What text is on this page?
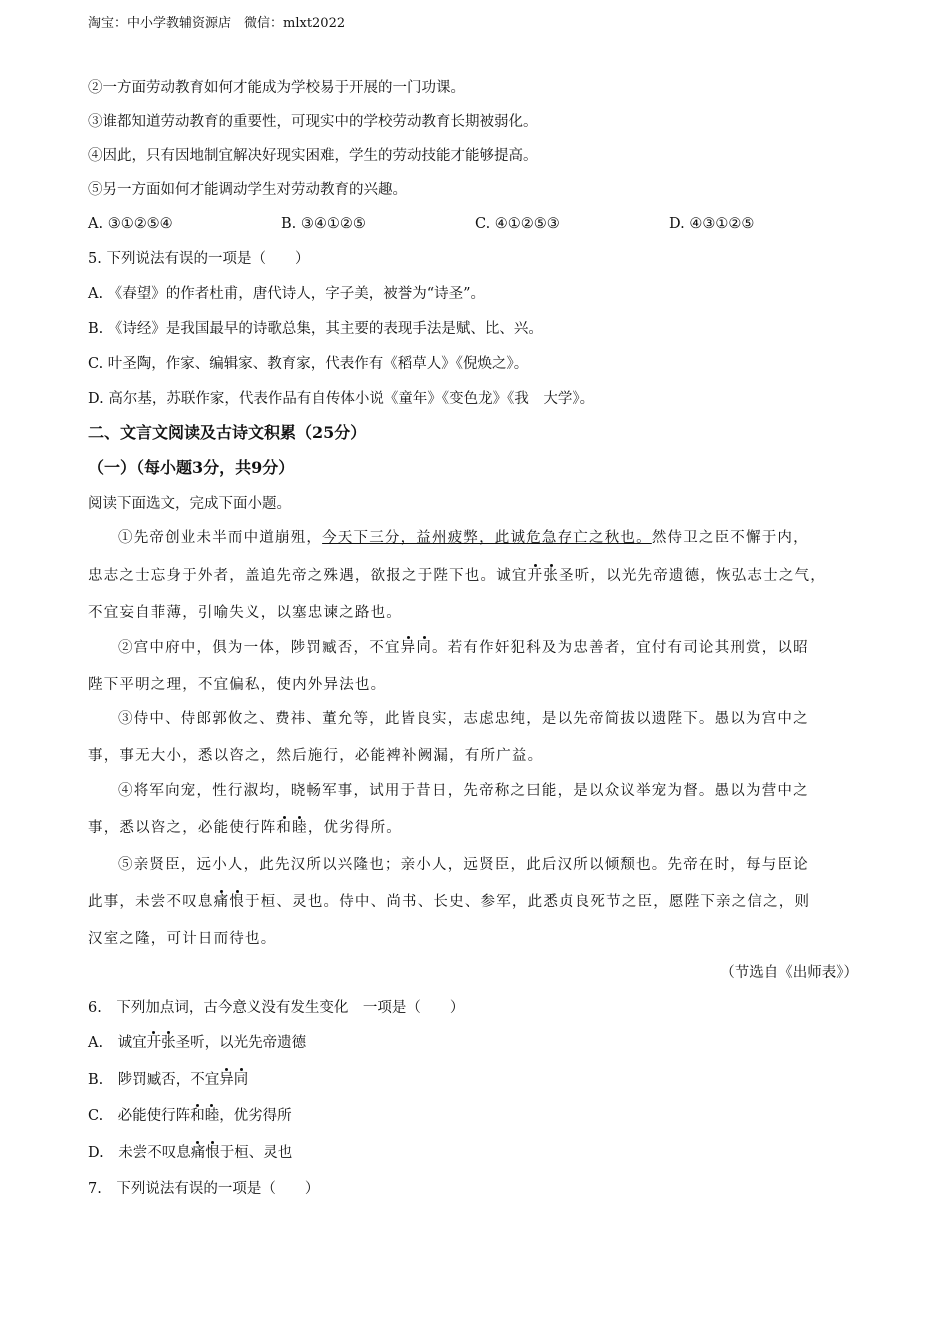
淘宝：中小学教辅资源店　微信：mlxt2022
②一方面劳动教育如何才能成为学校易于开展的一门功课。
③谁都知道劳动教育的重要性，可现实中的学校劳动教育长期被弱化。
④因此，只有因地制宜解决好现实困难，学生的劳动技能才能够提高。
⑤另一方面如何才能调动学生对劳动教育的兴趣。
A. ③①②⑤④	B. ③④①②⑤	C. ④①②⑤③	D. ④③①②⑤
5. 下列说法有误的一项是（　　）
A. 《春望》的作者杜甫，唐代诗人，字子美，被誉为“诗圣”。
B. 《诗经》是我国最早的诗歌总集，其主要的表现手法是赋、比、兴。
C. 叶圣陶，作家、编辑家、教育家，代表作有《稻草人》《倪焕之》。
D. 高尔基，苏联作家，代表作品有自传体小说《童年》《变色龙》《我　大学》。
二、文言文阅读及古诗文积累（25分）
（一）（每小题3分，共9分）
阅读下面选文，完成下面小题。
①先帝创业未半而中道崩殂，今天下三分，益州疲弊，此诚危急存亡之秋也。然侍卫之臣不懈于内，
忠志之士忘身于外者，盖追先帝之殊遇，欲报之于陛下也。诚宜开张圣听，以光先帝遗德，恢弘志士之气，
不宜妄自菲薄，引喻失义，以塞忠谏之路也。
②宫中府中，俱为一体，陟罚臧否，不宜异同。若有作奸犯科及为忠善者，宜付有司论其刑赏，以昭
陛下平明之理，不宜偏私，使内外异法也。
③侍中、侍郎郭攸之、费祎、董允等，此皆良实，志虑忠纯，是以先帝简拔以遗陛下。愚以为宫中之
事，事无大小，悉以咨之，然后施行，必能裨补阙漏，有所广益。
④将军向宠，性行淑均，晓畅军事，试用于昔日，先帝称之曰能，是以众议举宠为督。愚以为营中之
事，悉以咨之，必能使行阵和睦，优劣得所。
⑤亲贤臣，远小人，此先汉所以兴隆也；亲小人，远贤臣，此后汉所以倾颓也。先帝在时，每与臣论
此事，未尝不叹息痛恨于桓、灵也。侍中、尚书、长史、参军，此悉贞良死节之臣，愿陛下亲之信之，则
汉室之隆，可计日而待也。
（节选自《出师表》）
6.　下列加点词，古今意义没有发生变化　一项是（　　）
A.　诚宜开张圣听，以光先帝遗德
B.　陟罚臧否，不宜异同
C.　必能使行阵和睦，优劣得所
D.　未尝不叹息痛恨于桓、灵也
7.　下列说法有误的一项是（　　）
